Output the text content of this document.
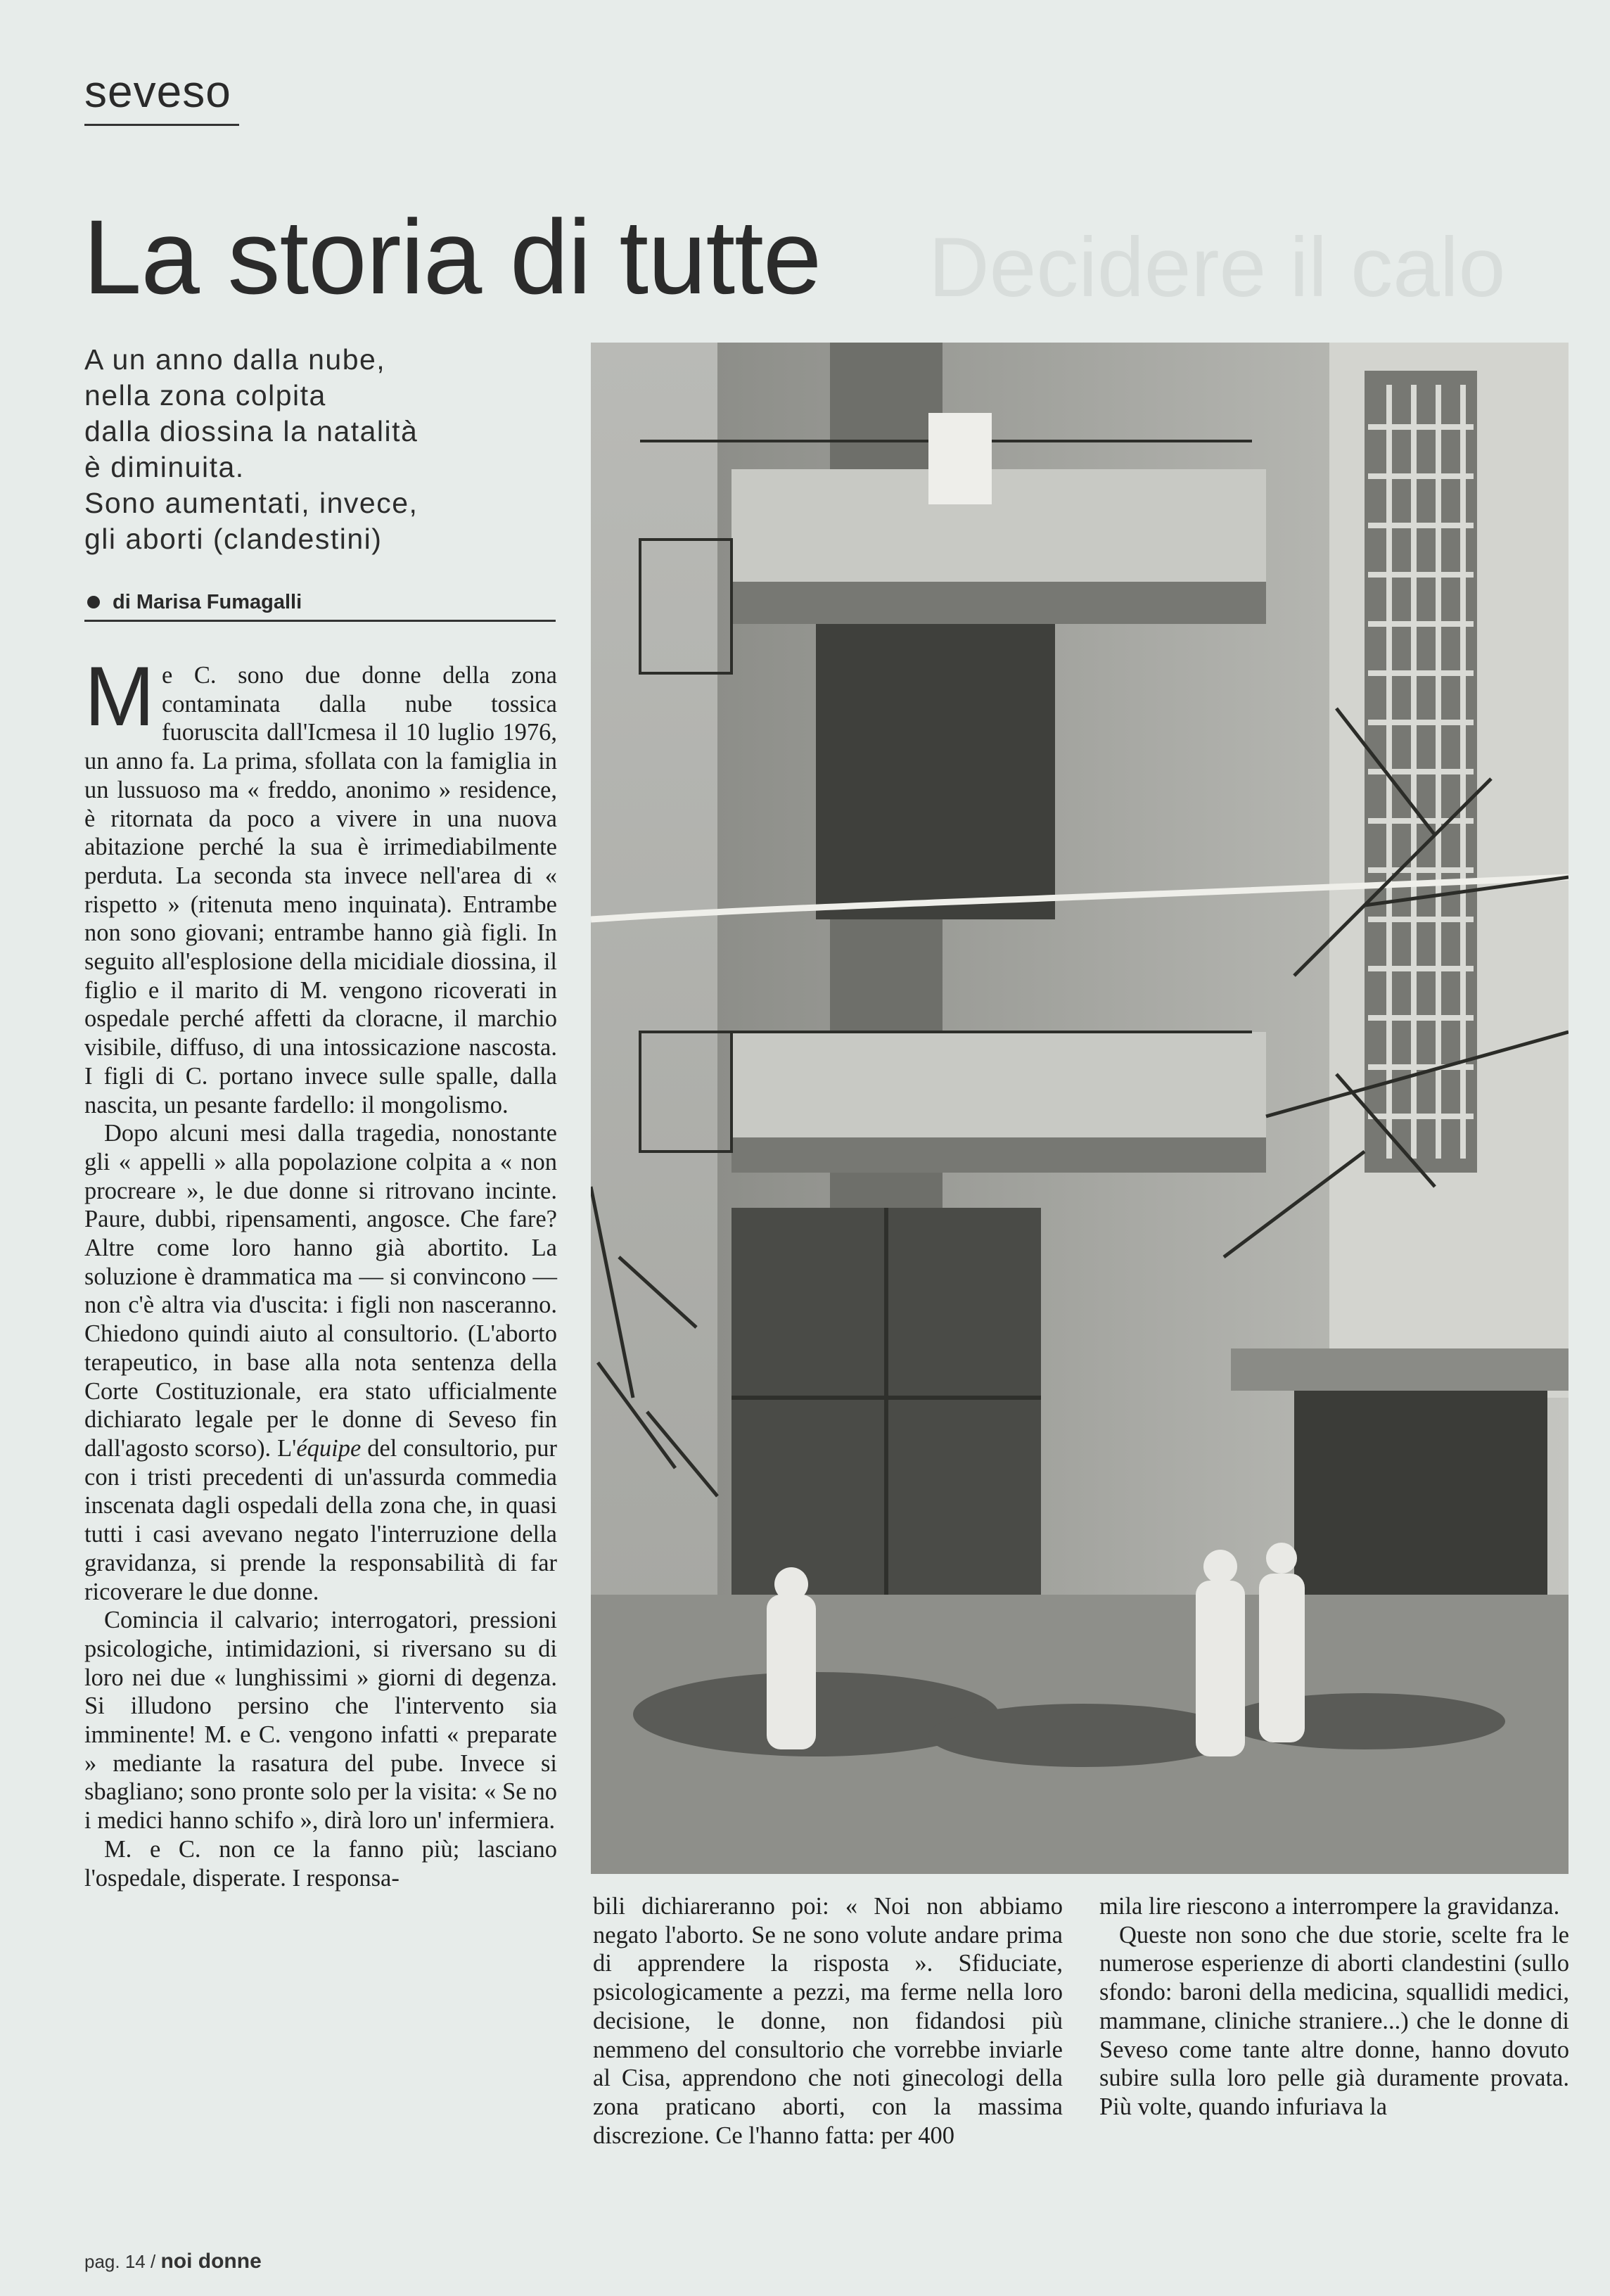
seveso
Decidere il calo
La storia di tutte
A un anno dalla nube,
nella zona colpita
dalla diossina la natalità
è diminuita.
Sono aumentati, invece,
gli aborti (clandestini)
di Marisa Fumagalli

Me C. sono due donne della zona contaminata dalla nube tossica fuoruscita dall'Icmesa il 10 luglio 1976, un anno fa. La prima, sfollata con la famiglia in un lussuoso ma « freddo, anonimo » residence, è ritornata da poco a vivere in una nuova abitazione perché la sua è irrimediabilmente perduta. La seconda sta invece nell'area di « rispetto » (ritenuta meno inquinata). Entrambe non sono giovani; entrambe hanno già figli. In seguito all'esplosione della micidiale diossina, il figlio e il marito di M. vengono ricoverati in ospedale perché affetti da cloracne, il marchio visibile, diffuso, di una intossicazione nascosta. I figli di C. portano invece sulle spalle, dalla nascita, un pesante fardello: il mongolismo.

Dopo alcuni mesi dalla tragedia, nonostante gli « appelli » alla popolazione colpita a « non procreare », le due donne si ritrovano incinte. Paure, dubbi, ripensamenti, angosce. Che fare? Altre come loro hanno già abortito. La soluzione è drammatica ma — si convincono — non c'è altra via d'uscita: i figli non nasceranno. Chiedono quindi aiuto al consultorio. (L'aborto terapeutico, in base alla nota sentenza della Corte Costituzionale, era stato ufficialmente dichiarato legale per le donne di Seveso fin dall'agosto scorso). L'équipe del consultorio, pur con i tristi precedenti di un'assurda commedia inscenata dagli ospedali della zona che, in quasi tutti i casi avevano negato l'interruzione della gravidanza, si prende la responsabilità di far ricoverare le due donne.

Comincia il calvario; interrogatori, pressioni psicologiche, intimidazioni, si riversano su di loro nei due « lunghissimi » giorni di degenza. Si illudono persino che l'intervento sia imminente! M. e C. vengono infatti « preparate » mediante la rasatura del pube. Invece si sbagliano; sono pronte solo per la visita: « Se no i medici hanno schifo », dirà loro un' infermiera.

M. e C. non ce la fanno più; lasciano l'ospedale, disperate. I responsa-

bili dichiareranno poi: « Noi non abbiamo negato l'aborto. Se ne sono volute andare prima di apprendere la risposta ». Sfiduciate, psicologicamente a pezzi, ma ferme nella loro decisione, le donne, non fidandosi più nemmeno del consultorio che vorrebbe inviarle al Cisa, apprendono che noti ginecologi della zona praticano aborti, con la massima discrezione. Ce l'hanno fatta: per 400

mila lire riescono a interrompere la gravidanza.

Queste non sono che due storie, scelte fra le numerose esperienze di aborti clandestini (sullo sfondo: baroni della medicina, squallidi medici, mammane, cliniche straniere...) che le donne di Seveso come tante altre donne, hanno dovuto subire sulla loro pelle già duramente provata. Più volte, quando infuriava la

pag. 14 / noi donne
